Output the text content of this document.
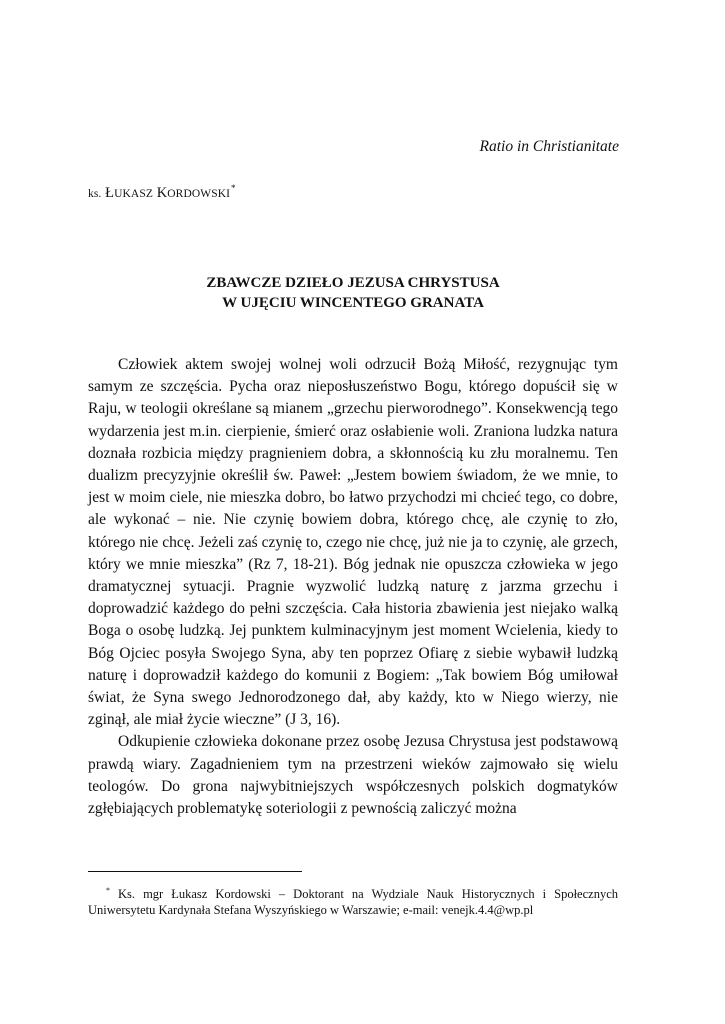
Ratio in Christianitate
ks. ŁUKASZ KORDOWSKI*
ZBAWCZE DZIEŁO JEZUSA CHRYSTUSA
W UJĘCIU WINCENTEGO GRANATA

Człowiek aktem swojej wolnej woli odrzucił Bożą Miłość, rezygnując tym samym ze szczęścia. Pycha oraz nieposłuszeństwo Bogu, którego dopuścił się w Raju, w teologii określane są mianem „grzechu pierworodnego”. Konsekwencją tego wydarzenia jest m.in. cierpienie, śmierć oraz osłabienie woli. Zraniona ludzka natura doznała rozbicia między pragnieniem dobra, a skłonnością ku złu moralnemu. Ten dualizm precyzyjnie określił św. Paweł: „Jestem bowiem świadom, że we mnie, to jest w moim ciele, nie mieszka dobro, bo łatwo przychodzi mi chcieć tego, co dobre, ale wykonać – nie. Nie czynię bowiem dobra, którego chcę, ale czynię to zło, którego nie chcę. Jeżeli zaś czynię to, czego nie chcę, już nie ja to czynię, ale grzech, który we mnie mieszka” (Rz 7, 18-21). Bóg jednak nie opuszcza człowieka w jego dramatycznej sytuacji. Pragnie wyzwolić ludzką naturę z jarzma grzechu i doprowadzić każdego do pełni szczęścia. Cała historia zbawienia jest niejako walką Boga o osobę ludzką. Jej punktem kulminacyjnym jest moment Wcielenia, kiedy to Bóg Ojciec posyła Swojego Syna, aby ten poprzez Ofiarę z siebie wybawił ludzką naturę i doprowadził każdego do komunii z Bogiem: „Tak bowiem Bóg umiłował świat, że Syna swego Jednorodzonego dał, aby każdy, kto w Niego wierzy, nie zginął, ale miał życie wieczne” (J 3, 16).

Odkupienie człowieka dokonane przez osobę Jezusa Chrystusa jest podstawową prawdą wiary. Zagadnieniem tym na przestrzeni wieków zajmowało się wielu teologów. Do grona najwybitniejszych współczesnych polskich dogmatyków zgłębiających problematykę soteriologii z pewnością zaliczyć można

* Ks. mgr Łukasz Kordowski – Doktorant na Wydziale Nauk Historycznych i Społecznych Uniwersytetu Kardynała Stefana Wyszyńskiego w Warszawie; e-mail: venejk.4.4@wp.pl
